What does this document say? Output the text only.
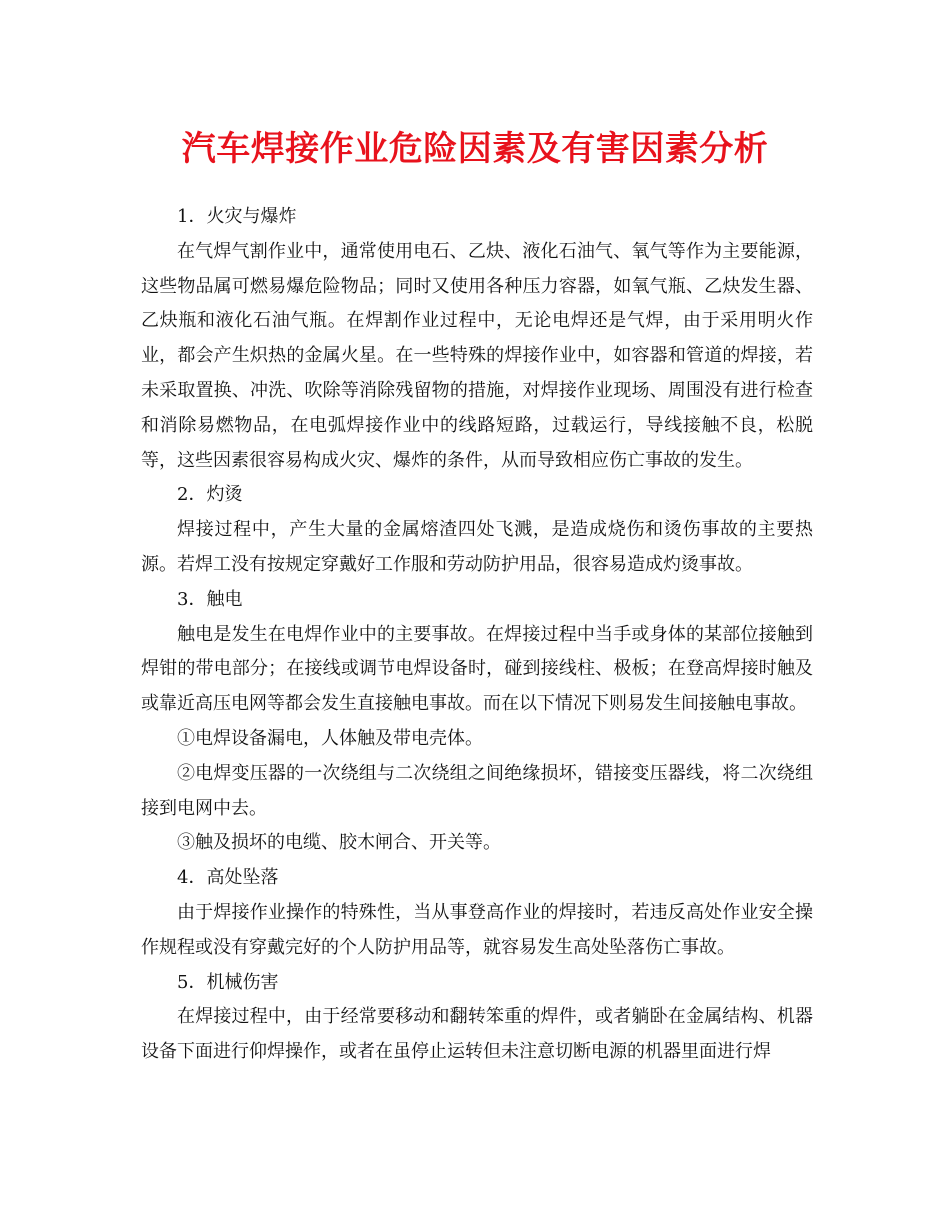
汽车焊接作业危险因素及有害因素分析

1．火灾与爆炸

在气焊气割作业中，通常使用电石、乙炔、液化石油气、氧气等作为主要能源，这些物品属可燃易爆危险物品；同时又使用各种压力容器，如氧气瓶、乙炔发生器、乙炔瓶和液化石油气瓶。在焊割作业过程中，无论电焊还是气焊，由于采用明火作业，都会产生炽热的金属火星。在一些特殊的焊接作业中，如容器和管道的焊接，若未采取置换、冲洗、吹除等消除残留物的措施，对焊接作业现场、周围没有进行检查和消除易燃物品，在电弧焊接作业中的线路短路，过载运行，导线接触不良，松脱等，这些因素很容易构成火灾、爆炸的条件，从而导致相应伤亡事故的发生。

2．灼烫

焊接过程中，产生大量的金属熔渣四处飞溅，是造成烧伤和烫伤事故的主要热源。若焊工没有按规定穿戴好工作服和劳动防护用品，很容易造成灼烫事故。

3．触电

触电是发生在电焊作业中的主要事故。在焊接过程中当手或身体的某部位接触到焊钳的带电部分；在接线或调节电焊设备时，碰到接线柱、极板；在登高焊接时触及或靠近高压电网等都会发生直接触电事故。而在以下情况下则易发生间接触电事故。

①电焊设备漏电，人体触及带电壳体。

②电焊变压器的一次绕组与二次绕组之间绝缘损坏，错接变压器线，将二次绕组接到电网中去。

③触及损坏的电缆、胶木闸合、开关等。

4．高处坠落

由于焊接作业操作的特殊性，当从事登高作业的焊接时，若违反高处作业安全操作规程或没有穿戴完好的个人防护用品等，就容易发生高处坠落伤亡事故。

5．机械伤害

在焊接过程中，由于经常要移动和翻转笨重的焊件，或者躺卧在金属结构、机器设备下面进行仰焊操作，或者在虽停止运转但未注意切断电源的机器里面进行焊
